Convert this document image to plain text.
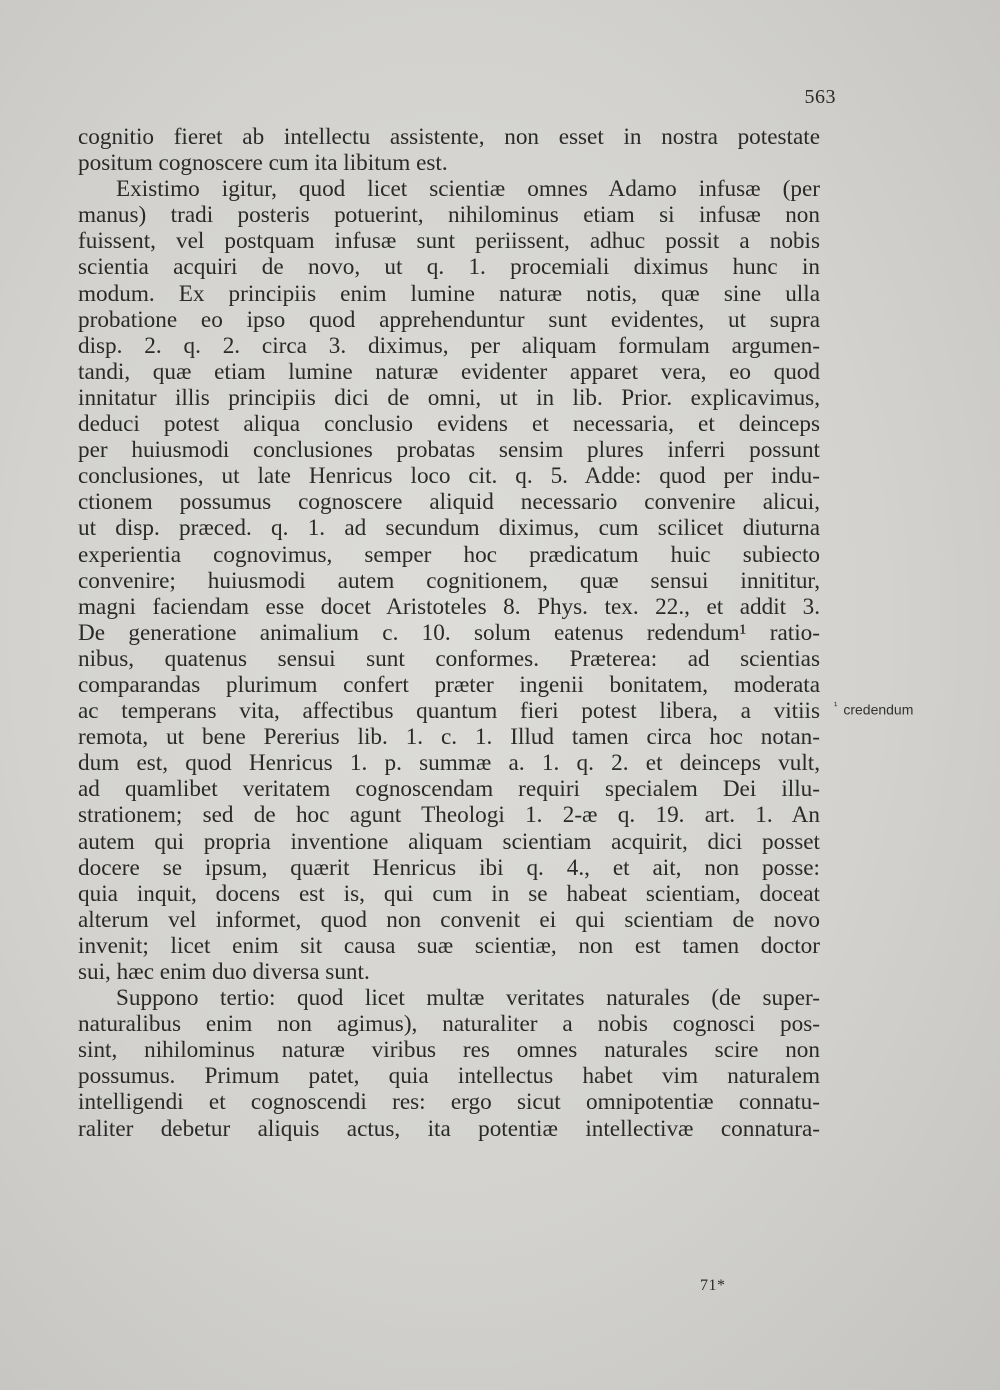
563
cognitio fieret ab intellectu assistente, non esset in nostra potestate
positum cognoscere cum ita libitum est.
Existimo igitur, quod licet scientiæ omnes Adamo infusæ (per
manus) tradi posteris potuerint, nihilominus etiam si infusæ non
fuissent, vel postquam infusæ sunt periissent, adhuc possit a nobis
scientia acquiri de novo, ut q. 1. procemiali diximus hunc in
modum. Ex principiis enim lumine naturæ notis, quæ sine ulla
probatione eo ipso quod apprehenduntur sunt evidentes, ut supra
disp. 2. q. 2. circa 3. diximus, per aliquam formulam argumen-
tandi, quæ etiam lumine naturæ evidenter apparet vera, eo quod
innitatur illis principiis dici de omni, ut in lib. Prior. explicavimus,
deduci potest aliqua conclusio evidens et necessaria, et deinceps
per huiusmodi conclusiones probatas sensim plures inferri possunt
conclusiones, ut late Henricus loco cit. q. 5. Adde: quod per indu-
ctionem possumus cognoscere aliquid necessario convenire alicui,
ut disp. præced. q. 1. ad secundum diximus, cum scilicet diuturna
experientia cognovimus, semper hoc prædicatum huic subiecto
convenire; huiusmodi autem cognitionem, quæ sensui innititur,
magni faciendam esse docet Aristoteles 8. Phys. tex. 22., et addit 3.
De generatione animalium c. 10. solum eatenus redendum¹ ratio-
nibus, quatenus sensui sunt conformes. Præterea: ad scientias
comparandas plurimum confert præter ingenii bonitatem, moderata
ac temperans vita, affectibus quantum fieri potest libera, a vitiis
remota, ut bene Pererius lib. 1. c. 1. Illud tamen circa hoc notan-
dum est, quod Henricus 1. p. summæ a. 1. q. 2. et deinceps vult,
ad quamlibet veritatem cognoscendam requiri specialem Dei illu-
strationem; sed de hoc agunt Theologi 1. 2-æ q. 19. art. 1. An
autem qui propria inventione aliquam scientiam acquirit, dici posset
docere se ipsum, quærit Henricus ibi q. 4., et ait, non posse:
quia inquit, docens est is, qui cum in se habeat scientiam, doceat
alterum vel informet, quod non convenit ei qui scientiam de novo
invenit; licet enim sit causa suæ scientiæ, non est tamen doctor
sui, hæc enim duo diversa sunt.
Suppono tertio: quod licet multæ veritates naturales (de super-
naturalibus enim non agimus), naturaliter a nobis cognosci pos-
sint, nihilominus naturæ viribus res omnes naturales scire non
possumus. Primum patet, quia intellectus habet vim naturalem
intelligendi et cognoscendi res: ergo sicut omnipotentiæ connatu-
raliter debetur aliquis actus, ita potentiæ intellectivæ connatura-
$^{^1}$ credendum
71*
